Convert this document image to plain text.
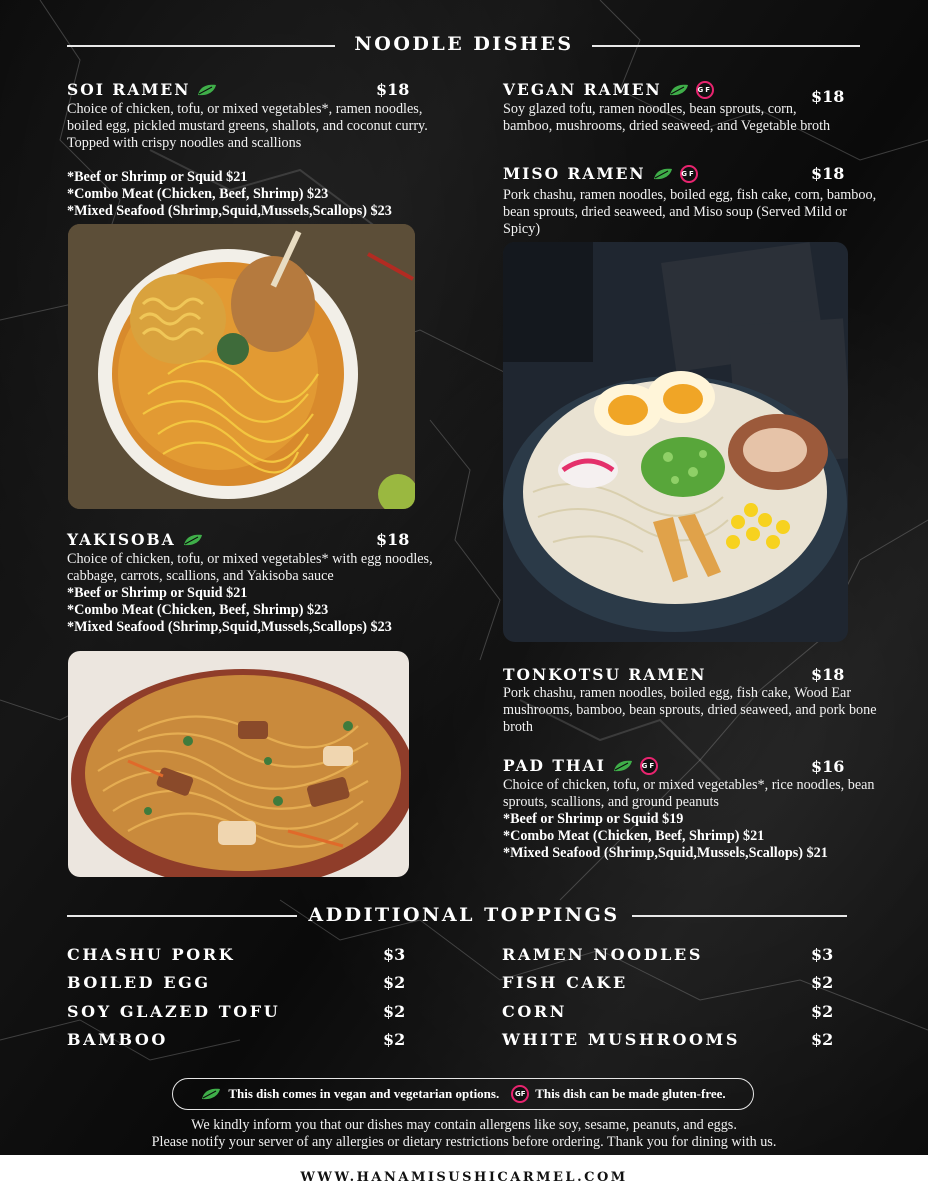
NOODLE DISHES
SOI RAMEN	$18
Choice of chicken, tofu, or mixed vegetables*, ramen noodles, boiled egg, pickled mustard greens, shallots, and coconut curry. Topped with crispy noodles and scallions
*Beef or Shrimp or Squid $21
*Combo Meat (Chicken, Beef, Shrimp) $23
*Mixed Seafood (Shrimp,Squid,Mussels,Scallops) $23
YAKISOBA	$18
Choice of chicken, tofu, or mixed vegetables* with egg noodles, cabbage, carrots, scallions, and Yakisoba sauce
*Beef or Shrimp or Squid $21
*Combo Meat (Chicken, Beef, Shrimp) $23
*Mixed Seafood (Shrimp,Squid,Mussels,Scallops) $23
VEGAN RAMEN	GF	$18
Soy glazed tofu, ramen noodles, bean sprouts, corn, bamboo, mushrooms, dried seaweed, and Vegetable broth
MISO RAMEN	GF	$18
Pork chashu, ramen noodles, boiled egg, fish cake, corn, bamboo, bean sprouts, dried seaweed, and Miso soup (Served Mild or Spicy)
TONKOTSU RAMEN	$18
Pork chashu, ramen noodles, boiled egg, fish cake, Wood Ear mushrooms, bamboo, bean sprouts, dried seaweed, and pork bone broth
PAD THAI	GF	$16
Choice of chicken, tofu, or mixed vegetables*, rice noodles, bean sprouts, scallions, and ground peanuts
*Beef or Shrimp or Squid $19
*Combo Meat (Chicken, Beef, Shrimp) $21
*Mixed Seafood (Shrimp,Squid,Mussels,Scallops) $21
ADDITIONAL TOPPINGS
CHASHU PORK	$3
BOILED EGG	$2
SOY GLAZED TOFU	$2
BAMBOO	$2
RAMEN NOODLES	$3
FISH CAKE	$2
CORN	$2
WHITE MUSHROOMS	$2
This dish comes in vegan and vegetarian options.	GF This dish can be made gluten-free.
We kindly inform you that our dishes may contain allergens like soy, sesame, peanuts, and eggs.
Please notify your server of any allergies or dietary restrictions before ordering. Thank you for dining with us.
WWW.HANAMISUSHICARMEL.COM
